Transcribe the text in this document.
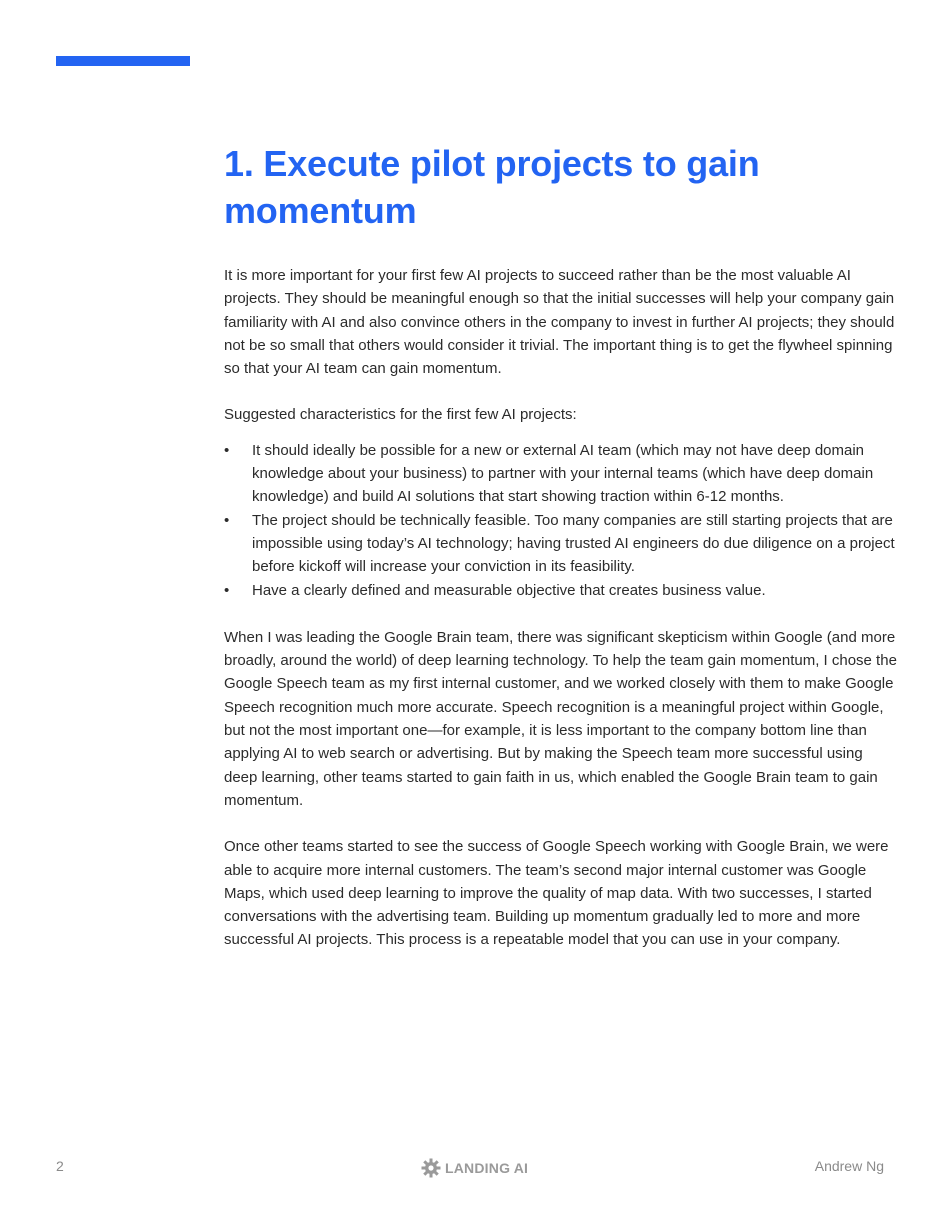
1. Execute pilot projects to gain momentum

It is more important for your first few AI projects to succeed rather than be the most valuable AI projects. They should be meaningful enough so that the initial successes will help your company gain familiarity with AI and also convince others in the company to invest in further AI projects; they should not be so small that others would consider it trivial. The important thing is to get the flywheel spinning so that your AI team can gain momentum.

Suggested characteristics for the first few AI projects:

• It should ideally be possible for a new or external AI team (which may not have deep domain knowledge about your business) to partner with your internal teams (which have deep domain knowledge) and build AI solutions that start showing traction within 6-12 months.
• The project should be technically feasible. Too many companies are still starting projects that are impossible using today’s AI technology; having trusted AI engineers do due diligence on a project before kickoff will increase your conviction in its feasibility.
• Have a clearly defined and measurable objective that creates business value.

When I was leading the Google Brain team, there was significant skepticism within Google (and more broadly, around the world) of deep learning technology. To help the team gain momentum, I chose the Google Speech team as my first internal customer, and we worked closely with them to make Google Speech recognition much more accurate. Speech recognition is a meaningful project within Google, but not the most important one—for example, it is less important to the company bottom line than applying AI to web search or advertising. But by making the Speech team more successful using deep learning, other teams started to gain faith in us, which enabled the Google Brain team to gain momentum.

Once other teams started to see the success of Google Speech working with Google Brain, we were able to acquire more internal customers. The team’s second major internal customer was Google Maps, which used deep learning to improve the quality of map data. With two successes, I started conversations with the advertising team. Building up momentum gradually led to more and more successful AI projects. This process is a repeatable model that you can use in your company.

2	LANDING AI	Andrew Ng
